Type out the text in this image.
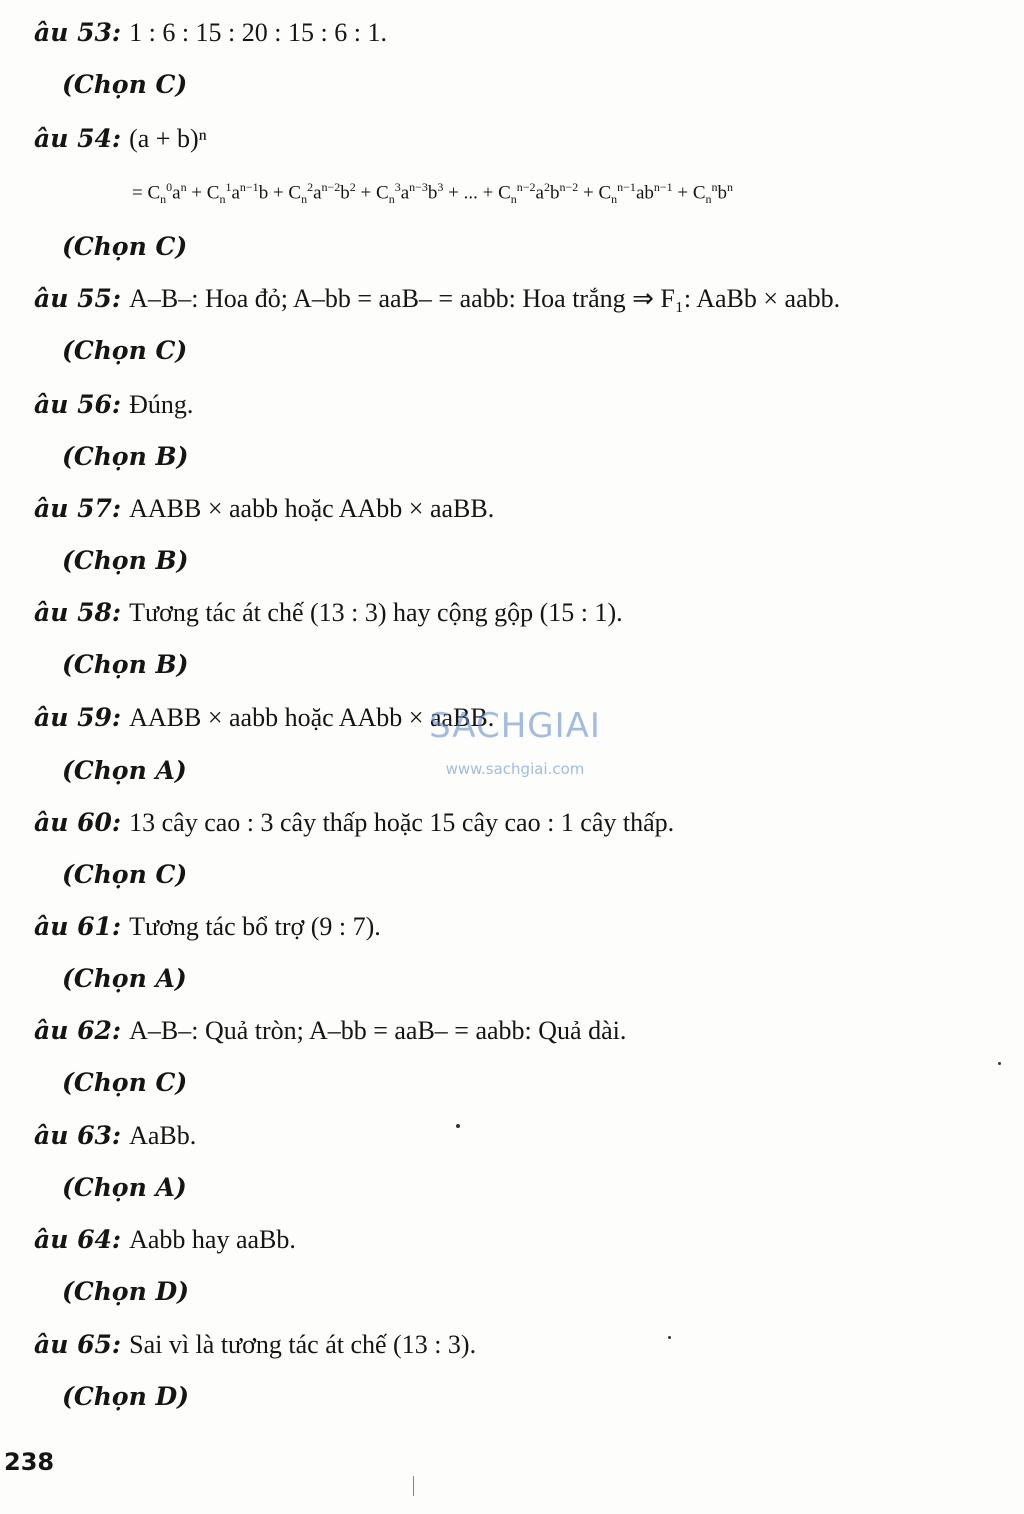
âu 53: 1 : 6 : 15 : 20 : 15 : 6 : 1.
(Chọn C)
âu 54: (a + b)ⁿ
= $C_n^0a^n + C_n^1a^{n-1}b + C_n^2a^{n-2}b^2 + C_n^3a^{n-3}b^3$ + ... + $C_n^{n-2}a^2b^{n-2} + C_n^{n-1}ab^{n-1} + C_n^nb^n$
(Chọn C)
âu 55: A–B–: Hoa đỏ; A–bb = aaB– = aabb: Hoa trắng ⇒ F₁: AaBb × aabb.
(Chọn C)
âu 56: Đúng.
(Chọn B)
âu 57: AABB × aabb hoặc AAbb × aaBB.
(Chọn B)
âu 58: Tương tác át chế (13 : 3) hay cộng gộp (15 : 1).
(Chọn B)
âu 59: AABB × aabb hoặc AAbb × aaBB.
(Chọn A)
âu 60: 13 cây cao : 3 cây thấp hoặc 15 cây cao : 1 cây thấp.
(Chọn C)
âu 61: Tương tác bổ trợ (9 : 7).
(Chọn A)
âu 62: A–B–: Quả tròn; A–bb = aaB– = aabb: Quả dài.
(Chọn C)
âu 63: AaBb.
(Chọn A)
âu 64: Aabb hay aaBb.
(Chọn D)
âu 65: Sai vì là tương tác át chế (13 : 3).
(Chọn D)
238
SACHGIAI
www.sachgiai.com
